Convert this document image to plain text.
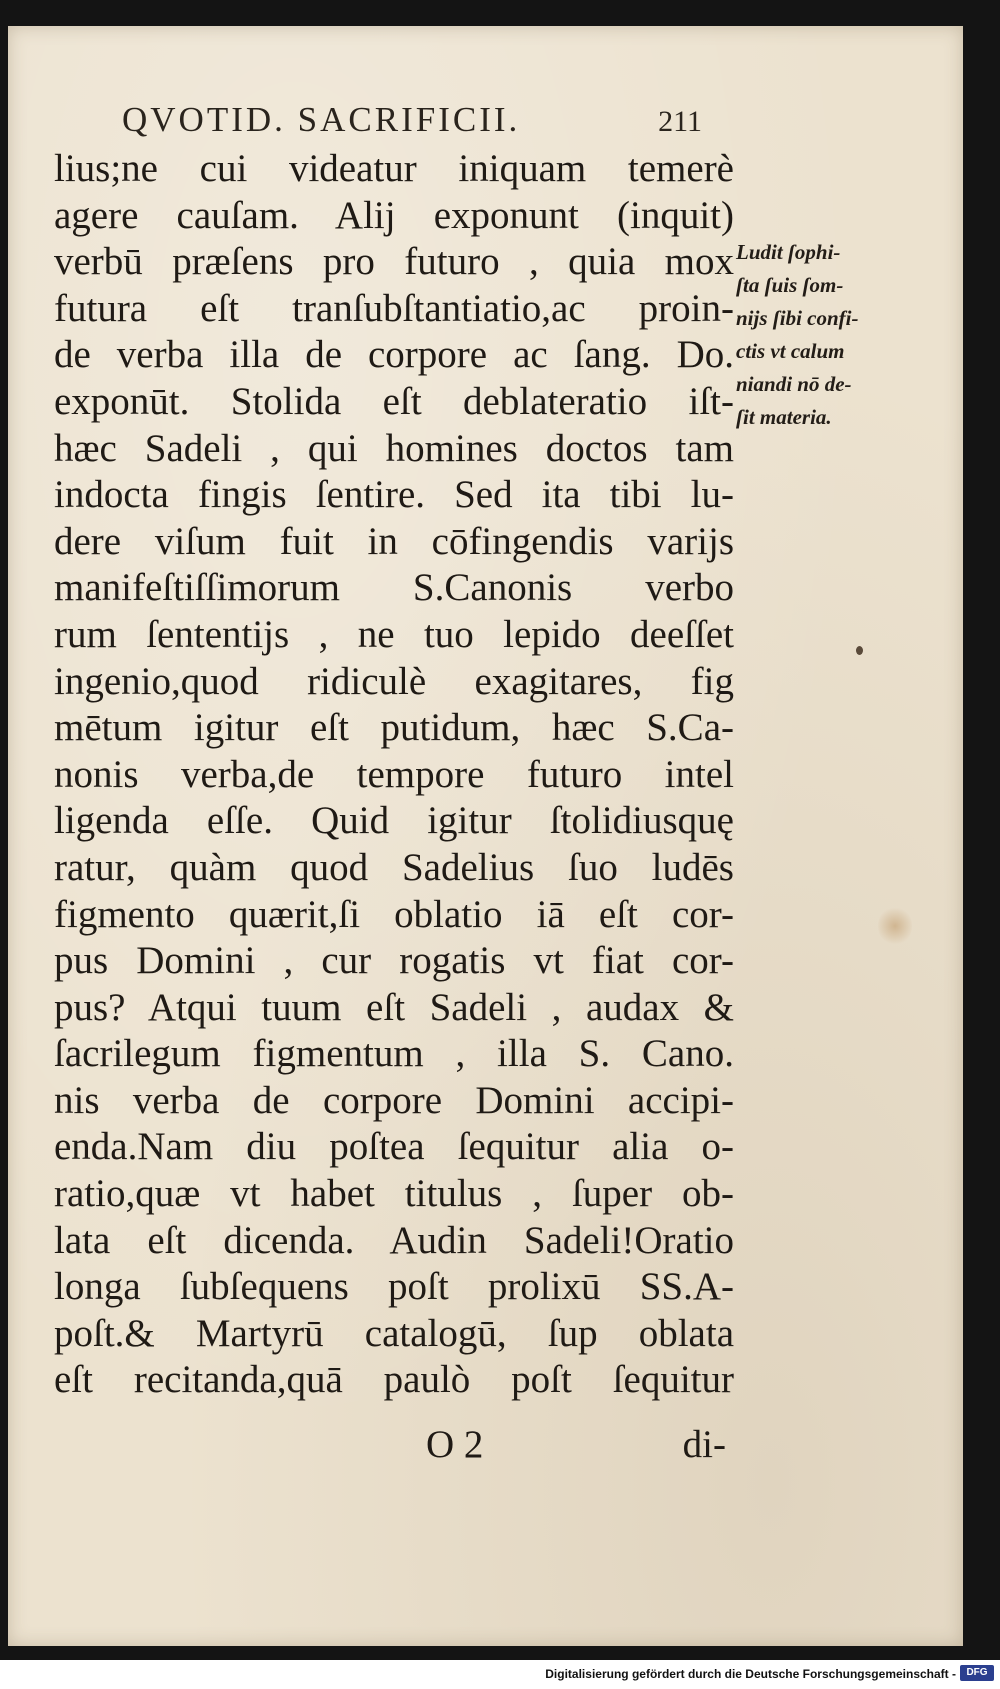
QVOTID. SACRIFICII.	211
lius;ne cui videatur iniquam temerè
agere cauſam. Alij exponunt (inquit)
verbū præſens pro futuro , quia mox
futura eſt tranſubſtantiatio,ac proin-
de verba illa de corpore ac ſang. Do.
exponūt. Stolida eſt deblateratio iſt-
hæc Sadeli , qui homines doctos tam
indocta fingis ſentire. Sed ita tibi lu-
dere viſum fuit in cōfingendis varijs
manifeſtiſſimorum S.Canonis verbo
rum ſententijs , ne tuo lepido deeſſet
ingenio,quod ridiculè exagitares, fig
mētum igitur eſt putidum, hæc S.Ca-
nonis verba,de tempore futuro intel
ligenda eſſe. Quid igitur ſtolidiusquę
ratur, quàm quod Sadelius ſuo ludēs
figmento quærit,ſi oblatio iā eſt cor-
pus Domini , cur rogatis vt fiat cor-
pus? Atqui tuum eſt Sadeli , audax &
ſacrilegum figmentum , illa S. Cano.
nis verba de corpore Domini accipi-
enda.Nam diu poſtea ſequitur alia o-
ratio,quæ vt habet titulus , ſuper ob-
lata eſt dicenda. Audin Sadeli!Oratio
longa ſubſequens poſt prolixū SS.A-
poſt.& Martyrū catalogū, ſup oblata
eſt recitanda,quā paulò poſt ſequitur
Ludit ſophi-
ſta ſuis ſom-
nijs ſibi confi-
ctis vt calum
niandi nō de-
ſit materia.
O 2	di-
Digitalisierung gefördert durch die Deutsche Forschungsgemeinschaft -	DFG
